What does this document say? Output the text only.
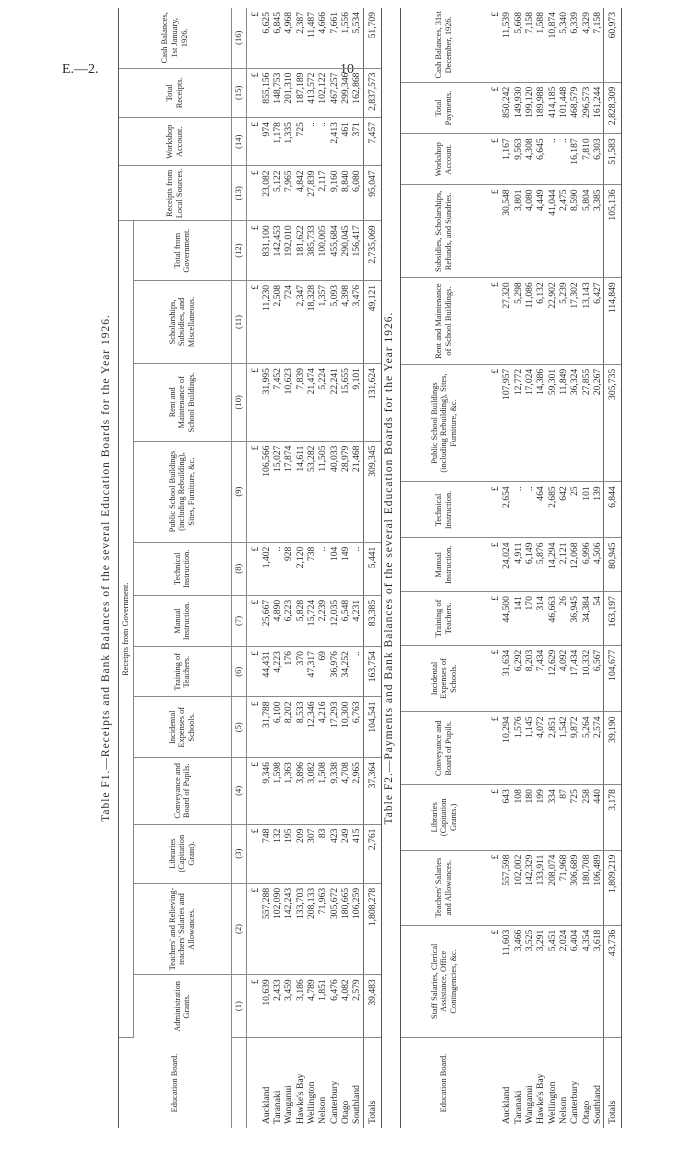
E.—2.	10
Table F1.—Receipts and Bank Balances of the several Education Boards for the Year 1926.
Education Board.	Receipts from Government.												Receipts from Local Sources.	Workshop Account.	Total Receipts.	Cash Balances, 1st January, 1926.
	Administration Grants.	Teachers' and Relieving-teachers' Salaries and Allowances.	Libraries (Capitation Grant).	Conveyance and Board of Pupils.	Incidental Expenses of Schools.	Training of Teachers.	Manual Instruction.	Technical Instruction.	Public School Buildings (including Rebuilding), Sites, Furniture, &c.	Rent and Maintenance of School Buildings.	Scholarships, Subsidies, and Miscellaneous.	Total from Government.				
	(1)	(2)	(3)	(4)	(5)	(6)	(7)	(8)	(9)	(10)	(11)	(12)	(13)	(14)	(15)	(16)
	£	£	£	£	£	£	£	£	£	£	£	£	£	£	£	£
Auckland	10,639	557,288	748	9,346	31,788	44,431	25,667	1,402	106,566	31,995	11,230	831,100	23,082	974	855,156	6,625
Taranaki	2,433	102,090	132	1,598	6,100	4,223	4,890	..	15,027	7,452	2,508	142,453	5,122	1,178	148,753	6,845
Wanganui	3,459	142,243	195	1,363	8,202	176	6,223	928	17,874	10,623	724	192,010	7,965	1,335	201,310	4,968
Hawke's Bay	3,186	133,703	209	3,896	8,533	370	5,828	2,120	14,611	7,839	2,347	181,622	4,842	725	187,189	2,387
Wellington	4,789	208,133	307	3,082	12,346	47,317	15,724	738	53,282	21,474	18,328	385,733	27,839	..	413,572	11,487
Nelson	1,851	71,963	83	1,508	4,216	69	2,239	..	11,505	5,224	1,357	100,005	2,117	..	102,122	4,666
Canterbury	6,476	305,672	423	9,338	17,293	36,976	12,035	104	40,033	22,241	5,093	455,684	9,160	2,413	467,257	7,661
Otago	4,082	180,665	249	4,708	10,300	34,252	6,548	149	28,979	15,655	4,398	290,045	8,840	461	299,346	1,556
Southland	2,579	106,259	415	2,965	6,763	..	4,231	..	21,468	9,101	3,476	156,417	6,080	371	162,868	5,534
Totals	39,483	1,808,278	2,761	37,364	104,541	163,754	83,385	5,441	309,345	131,624	49,121	2,735,069	95,047	7,457	2,837,573	51,709
Table F2.—Payments and Bank Balances of the several Education Boards for the Year 1926.
Education Board.	Staff Salaries, Clerical Assistance, Office Contingencies, &c.	Teachers' Salaries and Allowances.	Libraries (Capitation Grants.)	Conveyance and Board of Pupils.	Incidental Expenses of Schools.	Training of Teachers.	Manual Instruction.	Technical Instruction.	Public School Buildings (including Rebuilding), Sites, Furniture, &c.	Rent and Maintenance of School Buildings.	Subsidies, Scholarships, Refunds, and Sundries.	Workshop Account.	Total Payments.	Cash Balances, 31st December, 1926.
	£	£	£	£	£	£	£	£	£	£	£	£	£	£
Auckland	11,603	557,598	643	10,294	31,634	44,500	24,024	2,654	107,957	27,320	30,548	1,167	850,242	11,539
Taranaki	3,466	102,002	108	1,576	6,292	141	4,911	..	12,772	5,298	3,801	9,563	149,930	5,668
Wanganui	3,525	142,329	180	1,145	8,203	170	6,149	..	17,024	11,086	4,080	4,308	199,120	7,158
Hawke's Bay	3,291	133,911	199	4,072	7,434	314	5,876	464	14,386	6,132	4,449	6,645	189,988	1,588
Wellington	5,451	208,074	334	2,851	12,629	46,663	14,294	2,685	59,301	22,902	41,044	..	414,185	10,874
Nelson	2,024	71,968	87	1,542	4,092	26	2,121	642	11,849	5,239	2,475	..	101,448	5,340
Canterbury	6,404	306,689	725	9,872	17,434	36,945	12,068	25	36,324	17,302	8,590	16,187	468,579	6,339
Otago	4,354	180,708	258	5,264	10,332	34,384	6,996	101	27,855	13,143	5,804	7,810	296,573	4,329
Southland	3,618	106,489	440	2,574	6,567	54	4,506	139	20,267	6,427	3,385	6,303	161,244	7,158
Totals	43,736	1,809,219	3,178	39,190	104,677	163,197	80,945	6,844	305,735	114,849	105,136	51,583	2,828,309	60,973
